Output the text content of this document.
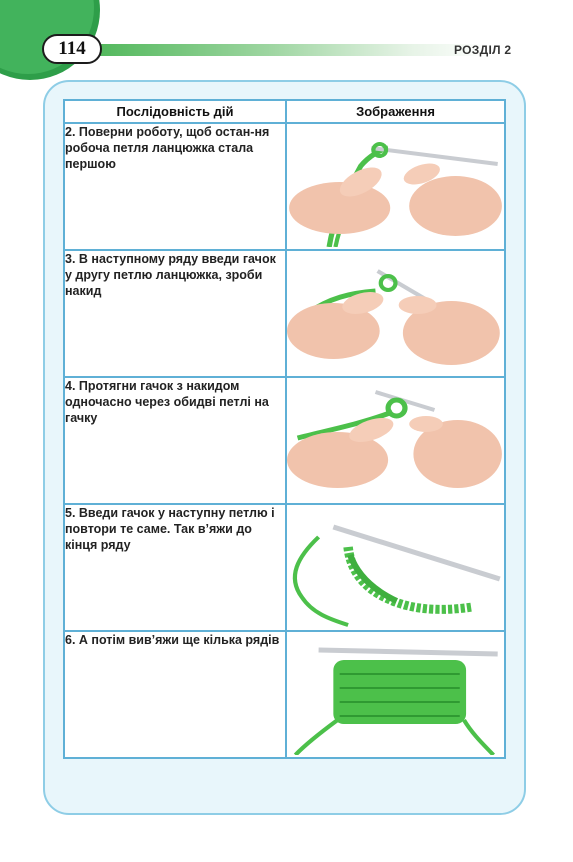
114	РОЗДІЛ 2
Послідовність дій	Зображення
2. Поверни роботу, щоб остан-ня робоча петля ланцюжка стала першою	

3. В наступному ряду введи гачок у другу петлю ланцюжка, зроби накид	

4. Протягни гачок з накидом одночасно через обидві петлі на гачку	

5. Введи гачок у наступну петлю і повтори те саме. Так в’яжи до кінця ряду	

6. А потім вив’яжи ще кілька рядів	
